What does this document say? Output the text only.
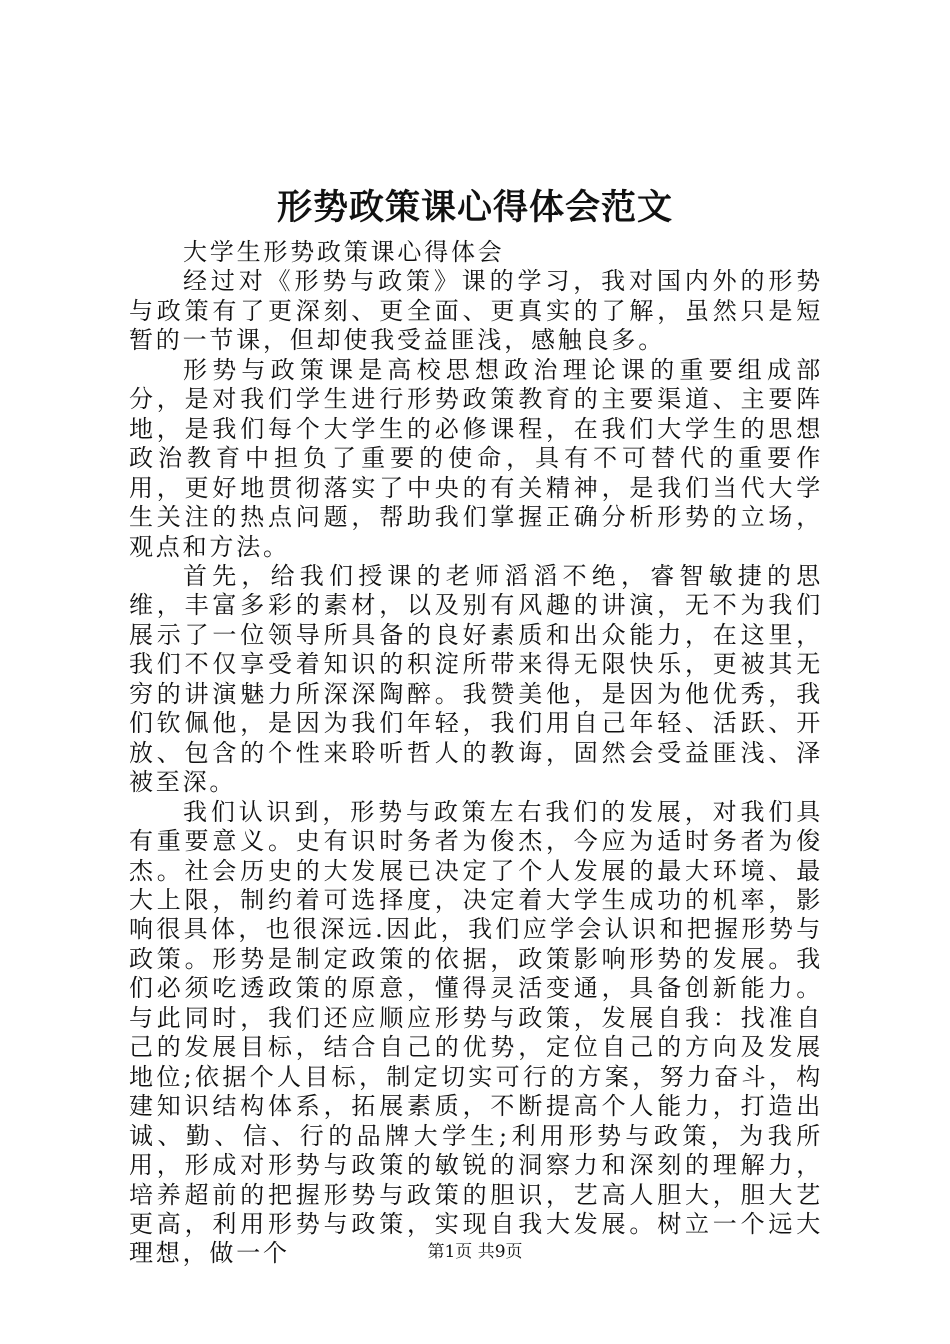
形势政策课心得体会范文

大学生形势政策课心得体会

经过对《形势与政策》课的学习，我对国内外的形势与政策有了更深刻、更全面、更真实的了解，虽然只是短暂的一节课，但却使我受益匪浅，感触良多。

形势与政策课是高校思想政治理论课的重要组成部分，是对我们学生进行形势政策教育的主要渠道、主要阵地，是我们每个大学生的必修课程，在我们大学生的思想政治教育中担负了重要的使命，具有不可替代的重要作用，更好地贯彻落实了中央的有关精神，是我们当代大学生关注的热点问题，帮助我们掌握正确分析形势的立场，观点和方法。

首先，给我们授课的老师滔滔不绝，睿智敏捷的思维，丰富多彩的素材，以及别有风趣的讲演，无不为我们展示了一位领导所具备的良好素质和出众能力，在这里，我们不仅享受着知识的积淀所带来得无限快乐，更被其无穷的讲演魅力所深深陶醉。我赞美他，是因为他优秀，我们钦佩他，是因为我们年轻，我们用自己年轻、活跃、开放、包含的个性来聆听哲人的教诲，固然会受益匪浅、泽被至深。

我们认识到，形势与政策左右我们的发展，对我们具有重要意义。史有识时务者为俊杰，今应为适时务者为俊杰。社会历史的大发展已决定了个人发展的最大环境、最大上限，制约着可选择度，决定着大学生成功的机率，影响很具体，也很深远.因此，我们应学会认识和把握形势与政策。形势是制定政策的依据，政策影响形势的发展。我们必须吃透政策的原意，懂得灵活变通，具备创新能力。与此同时，我们还应顺应形势与政策，发展自我：找准自己的发展目标，结合自己的优势，定位自己的方向及发展地位;依据个人目标，制定切实可行的方案，努力奋斗，构建知识结构体系，拓展素质，不断提高个人能力，打造出诚、勤、信、行的品牌大学生;利用形势与政策，为我所用，形成对形势与政策的敏锐的洞察力和深刻的理解力，培养超前的把握形势与政策的胆识，艺高人胆大，胆大艺更高，利用形势与政策，实现自我大发展。树立一个远大理想，做一个	第1页 共9页
